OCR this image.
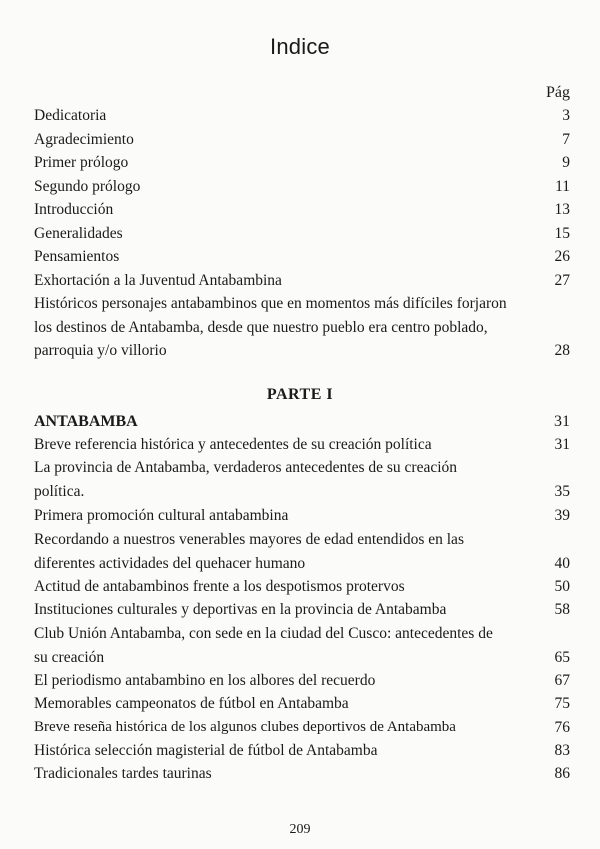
Indice
Pág
Dedicatoria	3
Agradecimiento	7
Primer prólogo	9
Segundo prólogo	11
Introducción	13
Generalidades	15
Pensamientos	26
Exhortación a la Juventud Antabambina	27
Históricos personajes antabambinos que en momentos más difíciles forjaron los destinos de Antabamba, desde que nuestro pueblo era centro poblado, parroquia y/o villorio	28
PARTE I
ANTABAMBA	31
Breve referencia histórica y antecedentes de su creación política	31
La provincia de Antabamba, verdaderos antecedentes de su creación política.	35
Primera promoción cultural antabambina	39
Recordando a nuestros venerables mayores de edad entendidos en las diferentes actividades del quehacer humano	40
Actitud de antabambinos frente a los despotismos protervos	50
Instituciones culturales y deportivas en la provincia de Antabamba	58
Club Unión Antabamba, con sede en la ciudad del Cusco: antecedentes de su creación	65
El periodismo antabambino en los albores del recuerdo	67
Memorables campeonatos de fútbol en Antabamba	75
Breve reseña histórica de los algunos clubes deportivos de Antabamba	76
Histórica selección magisterial de fútbol de Antabamba	83
Tradicionales tardes taurinas	86
209
